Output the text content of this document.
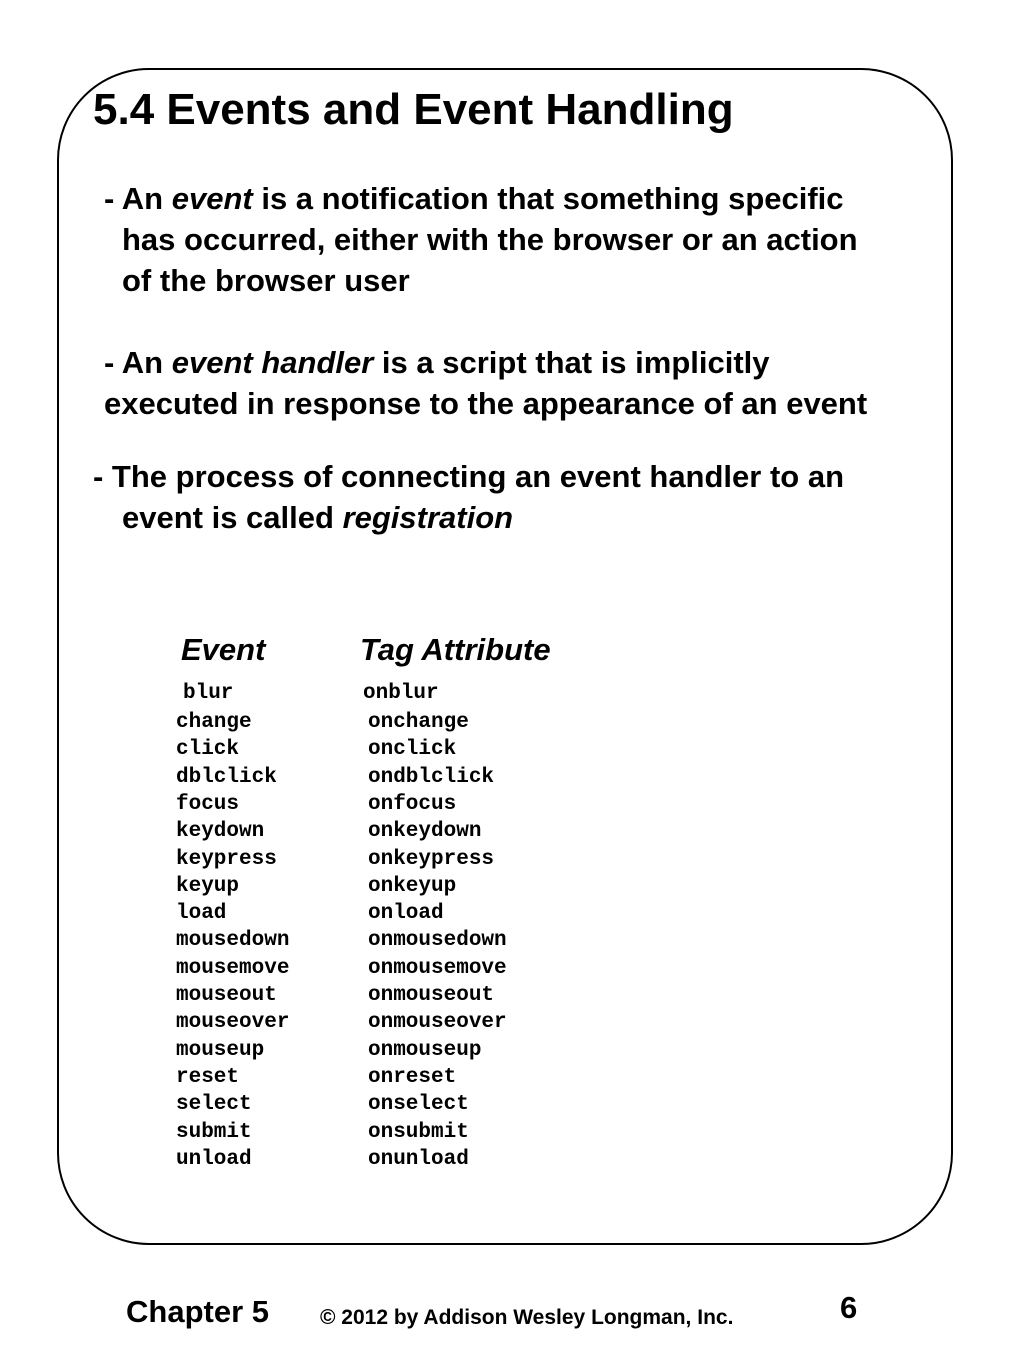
5.4 Events and Event Handling

- An event is a notification that something specific
has occurred, either with the browser or an action
of the browser user

- An event handler is a script that is implicitly
executed in response to the appearance of an event

- The process of connecting an event handler to an
event is called registration

Event	Tag Attribute
blur	onblur
change	onchange
click	onclick
dblclick	ondblclick
focus	onfocus
keydown	onkeydown
keypress	onkeypress
keyup	onkeyup
load	onload
mousedown	onmousedown
mousemove	onmousemove
mouseout	onmouseout
mouseover	onmouseover
mouseup	onmouseup
reset	onreset
select	onselect
submit	onsubmit
unload	onunload
Chapter 5 © 2012 by Addison Wesley Longman, Inc.	6
